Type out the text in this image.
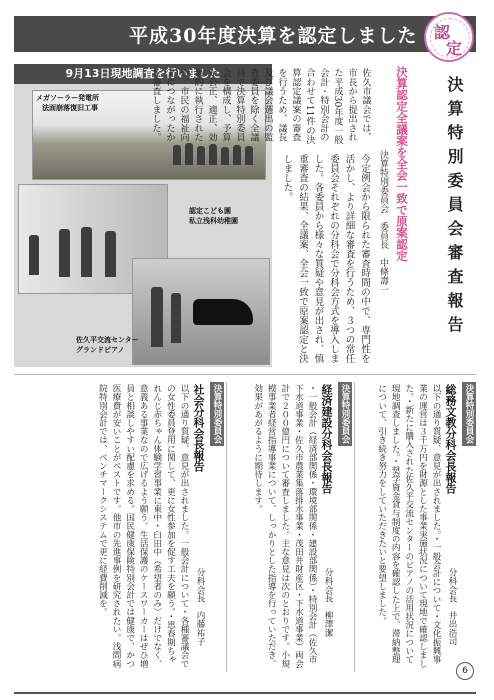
平成30年度決算を認定しました 認
定
9月13日現地調査を行いました
メガソーラー発電所
法面崩落復旧工事
認定こども園
私立浅科幼稚園
佐久平交流センター
グランドピアノ
決算特別委員会審査報告
決算認定全議案を全会一致で原案認定
決算特別委員会　委員長　中條壽一
佐久市議会では、市長から提出された平成30年度一般会計・特別会計の合わせて11件の決算認定議案の審査を行うため、議長及び議会選出の監査委員を除く全議員で決算特別委員会を構成し、予算が公正、適正、効果的に執行されたか、市民の福祉向上につながったかを審査しました。
今定例会から限られた審査時間の中で、専門性を活かし、より詳細な審査を行うため、３つの常任委員会それぞれの分科会で分科会方式を導入しました。各委員から様々な質疑や意見が出され、慎重審査の結果、全議案、全会一致で原案認定と決しました。
決算特別委員会
総務文教分科会長報告
分科会長　井出浩司
以下の通り質疑、意見が出されました。・一般会計について・文化振興事業の運営は３千万円を財源とした事業実施状況について現地で確認しました。・新たに購入された佐久平交流センターのピアノの活用状況について現地調査しました。・奨学資金貸与制度の内容を確認した上で、滞納整理について、引き続き努力をしていただきたいと要望しました。
決算特別委員会
経済建設分科会長報告
分科会長　柳澤潔
・一般会計（経済部関係・環境部関係・建設部関係）・特別会計（佐久市下水道事業・佐久市農業集落排水事業・茂田井財産区・下水道事業）両会計で２００億円について審査しました。主な意見は次のとおりです。小規模事業者経営指導事業について、しっかりとした指導を行っていただき、効果があがるように期待します。
決算特別委員会
社会分科会長報告
分科会長　内藤祐子
以下の通り質疑、意見が出されました。一般会計について・各種審議会での女性委員登用に関して、更に女性参加を促す工夫を願う。・思春期ちゃれんじ赤ちゃん体験学習事業に東中・臼田中（希望者のみ）だけでなく、意義ある事業なので広げるよう願う。生活保護のケースワーカーはぜひ増員と相談しやすい配慮を求める。国民健康保険特別会計では健康で、かつ医療費が安いことがベストです。他市の先進事例を研究されたい。浅間病院特別会計では、ベンチマークシステムで更に経費削減を。
6
